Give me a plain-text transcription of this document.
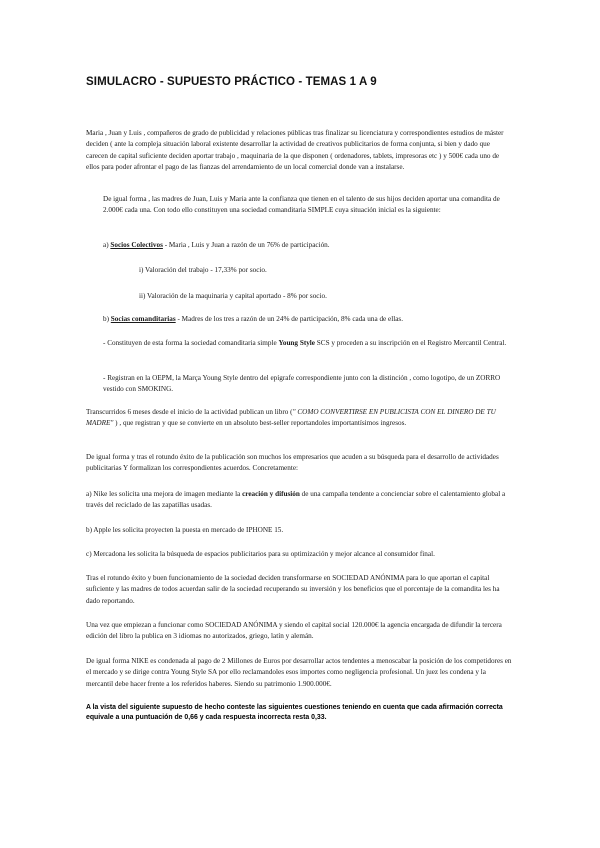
SIMULACRO - SUPUESTO PRÁCTICO - TEMAS 1 A 9

Maria , Juan y Luis , compañeros de grado de publicidad y relaciones públicas tras finalizar su licenciatura y correspondientes estudios de máster deciden ( ante la compleja situación laboral existente desarrollar la actividad de creativos publicitarios de forma conjunta, si bien y dado que carecen de capital suficiente deciden aportar trabajo , maquinaria de la que disponen ( ordenadores, tablets, impresoras etc ) y 500€ cada uno de ellos para poder afrontar el pago de las fianzas del arrendamiento de un local comercial donde van a instalarse.

De igual forma , las madres de Juan, Luis y Maria ante la confianza que tienen en el talento de sus hijos deciden aportar una comandita de 2.000€ cada una. Con todo ello constituyen una sociedad comanditaria SIMPLE cuya situación inicial es la siguiente:

a) Socios Colectivos - Maria , Luis y Juan a razón de un 76% de participación.

i) Valoración del trabajo - 17,33% por socio.

ii) Valoración de la maquinaria y capital aportado - 8% por socio.

b) Socias comanditarias - Madres de los tres a razón de un 24% de participación, 8% cada una de ellas.

- Constituyen de esta forma la sociedad comanditaria simple Young Style SCS y proceden a su inscripción en el Registro Mercantil Central.

- Registran en la OEPM, la Marça Young Style dentro del epígrafe correspondiente junto con la distinción , como logotipo, de un ZORRO vestido con SMOKING.

Transcurridos 6 meses desde el inicio de la actividad publican un libro (" COMO CONVERTIRSE EN PUBLICISTA CON EL DINERO DE TU MADRE" ) , que registran y que se convierte en un absoluto best-seller reportandoles importantísimos ingresos.

De igual forma y tras el rotundo éxito de la publicación son muchos los empresarios que acuden a su búsqueda para el desarrollo de actividades publicitarias Y formalizan los correspondientes acuerdos. Concretamente:

a) Nike les solicita una mejora de imagen mediante la creación y difusión de una campaña tendente a concienciar sobre el calentamiento global a través del reciclado de las zapatillas usadas.

b) Apple les solicita proyecten la puesta en mercado de IPHONE 15.

c) Mercadona les solicita la búsqueda de espacios publicitarios para su optimización y mejor alcance al consumidor final.

Tras el rotundo éxito y buen funcionamiento de la sociedad deciden transformarse en SOCIEDAD ANÓNIMA para lo que aportan el capital suficiente y las madres de todos acuerdan salir de la sociedad recuperando su inversión y los beneficios que el porcentaje de la comandita les ha dado reportando.

Una vez que empiezan a funcionar como SOCIEDAD ANÓNIMA y siendo el capital social 120.000€ la agencia encargada de difundir la tercera edición del libro la publica en 3 idiomas no autorizados, griego, latín y alemán.

De igual forma NIKE es condenada al pago de 2 Millones de Euros por desarrollar actos tendentes a menoscabar la posición de los competidores en el mercado y se dirige contra Young Style SA por ello reclamandoles esos importes como negligencia profesional. Un juez les condena y la mercantil debe hacer frente a los referidos haberes. Siendo su patrimonio 1.900.000€.

A la vista del siguiente supuesto de hecho conteste las siguientes cuestiones teniendo en cuenta que cada afirmación correcta equivale a una puntuación de 0,66 y cada respuesta incorrecta resta 0,33.
